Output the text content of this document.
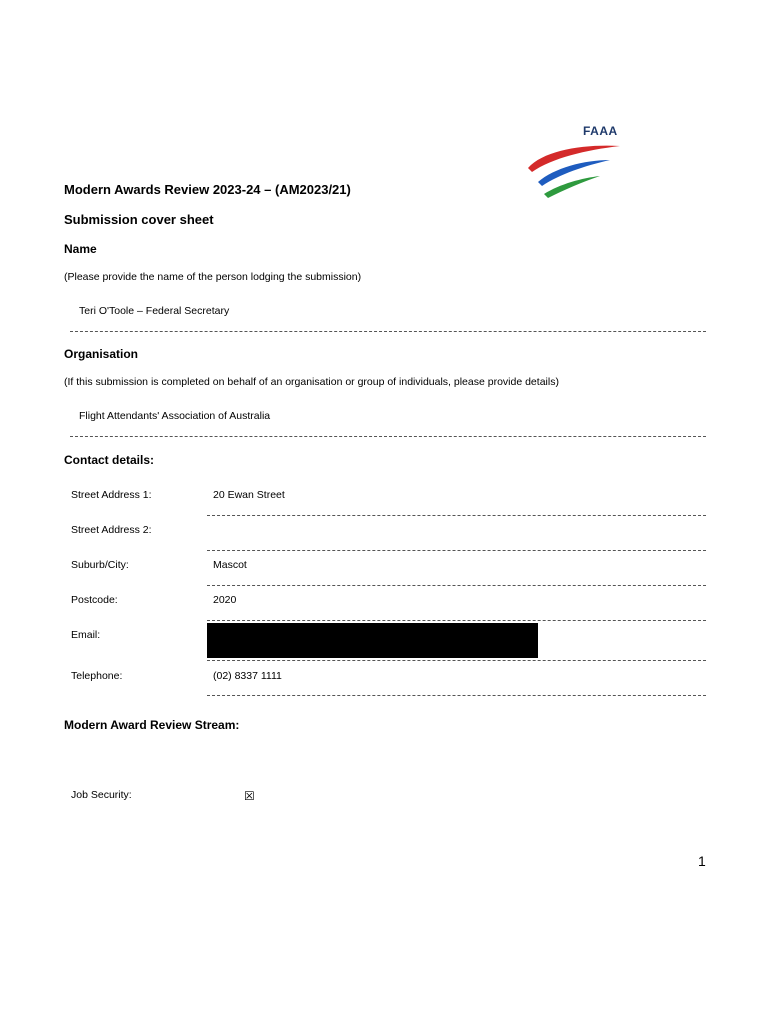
FAAA
Modern Awards Review 2023-24 – (AM2023/21)
Submission cover sheet
Name
(Please provide the name of the person lodging the submission)
Teri O'Toole – Federal Secretary
Organisation
(If this submission is completed on behalf of an organisation or group of individuals, please provide details)
Flight Attendants' Association of Australia
Contact details:
Street Address 1:	20 Ewan Street
Street Address 2:
Suburb/City:	Mascot
Postcode:	2020
Email:
Telephone:	(02) 8337 1111
Modern Award Review Stream:
Job Security:	☒
1
